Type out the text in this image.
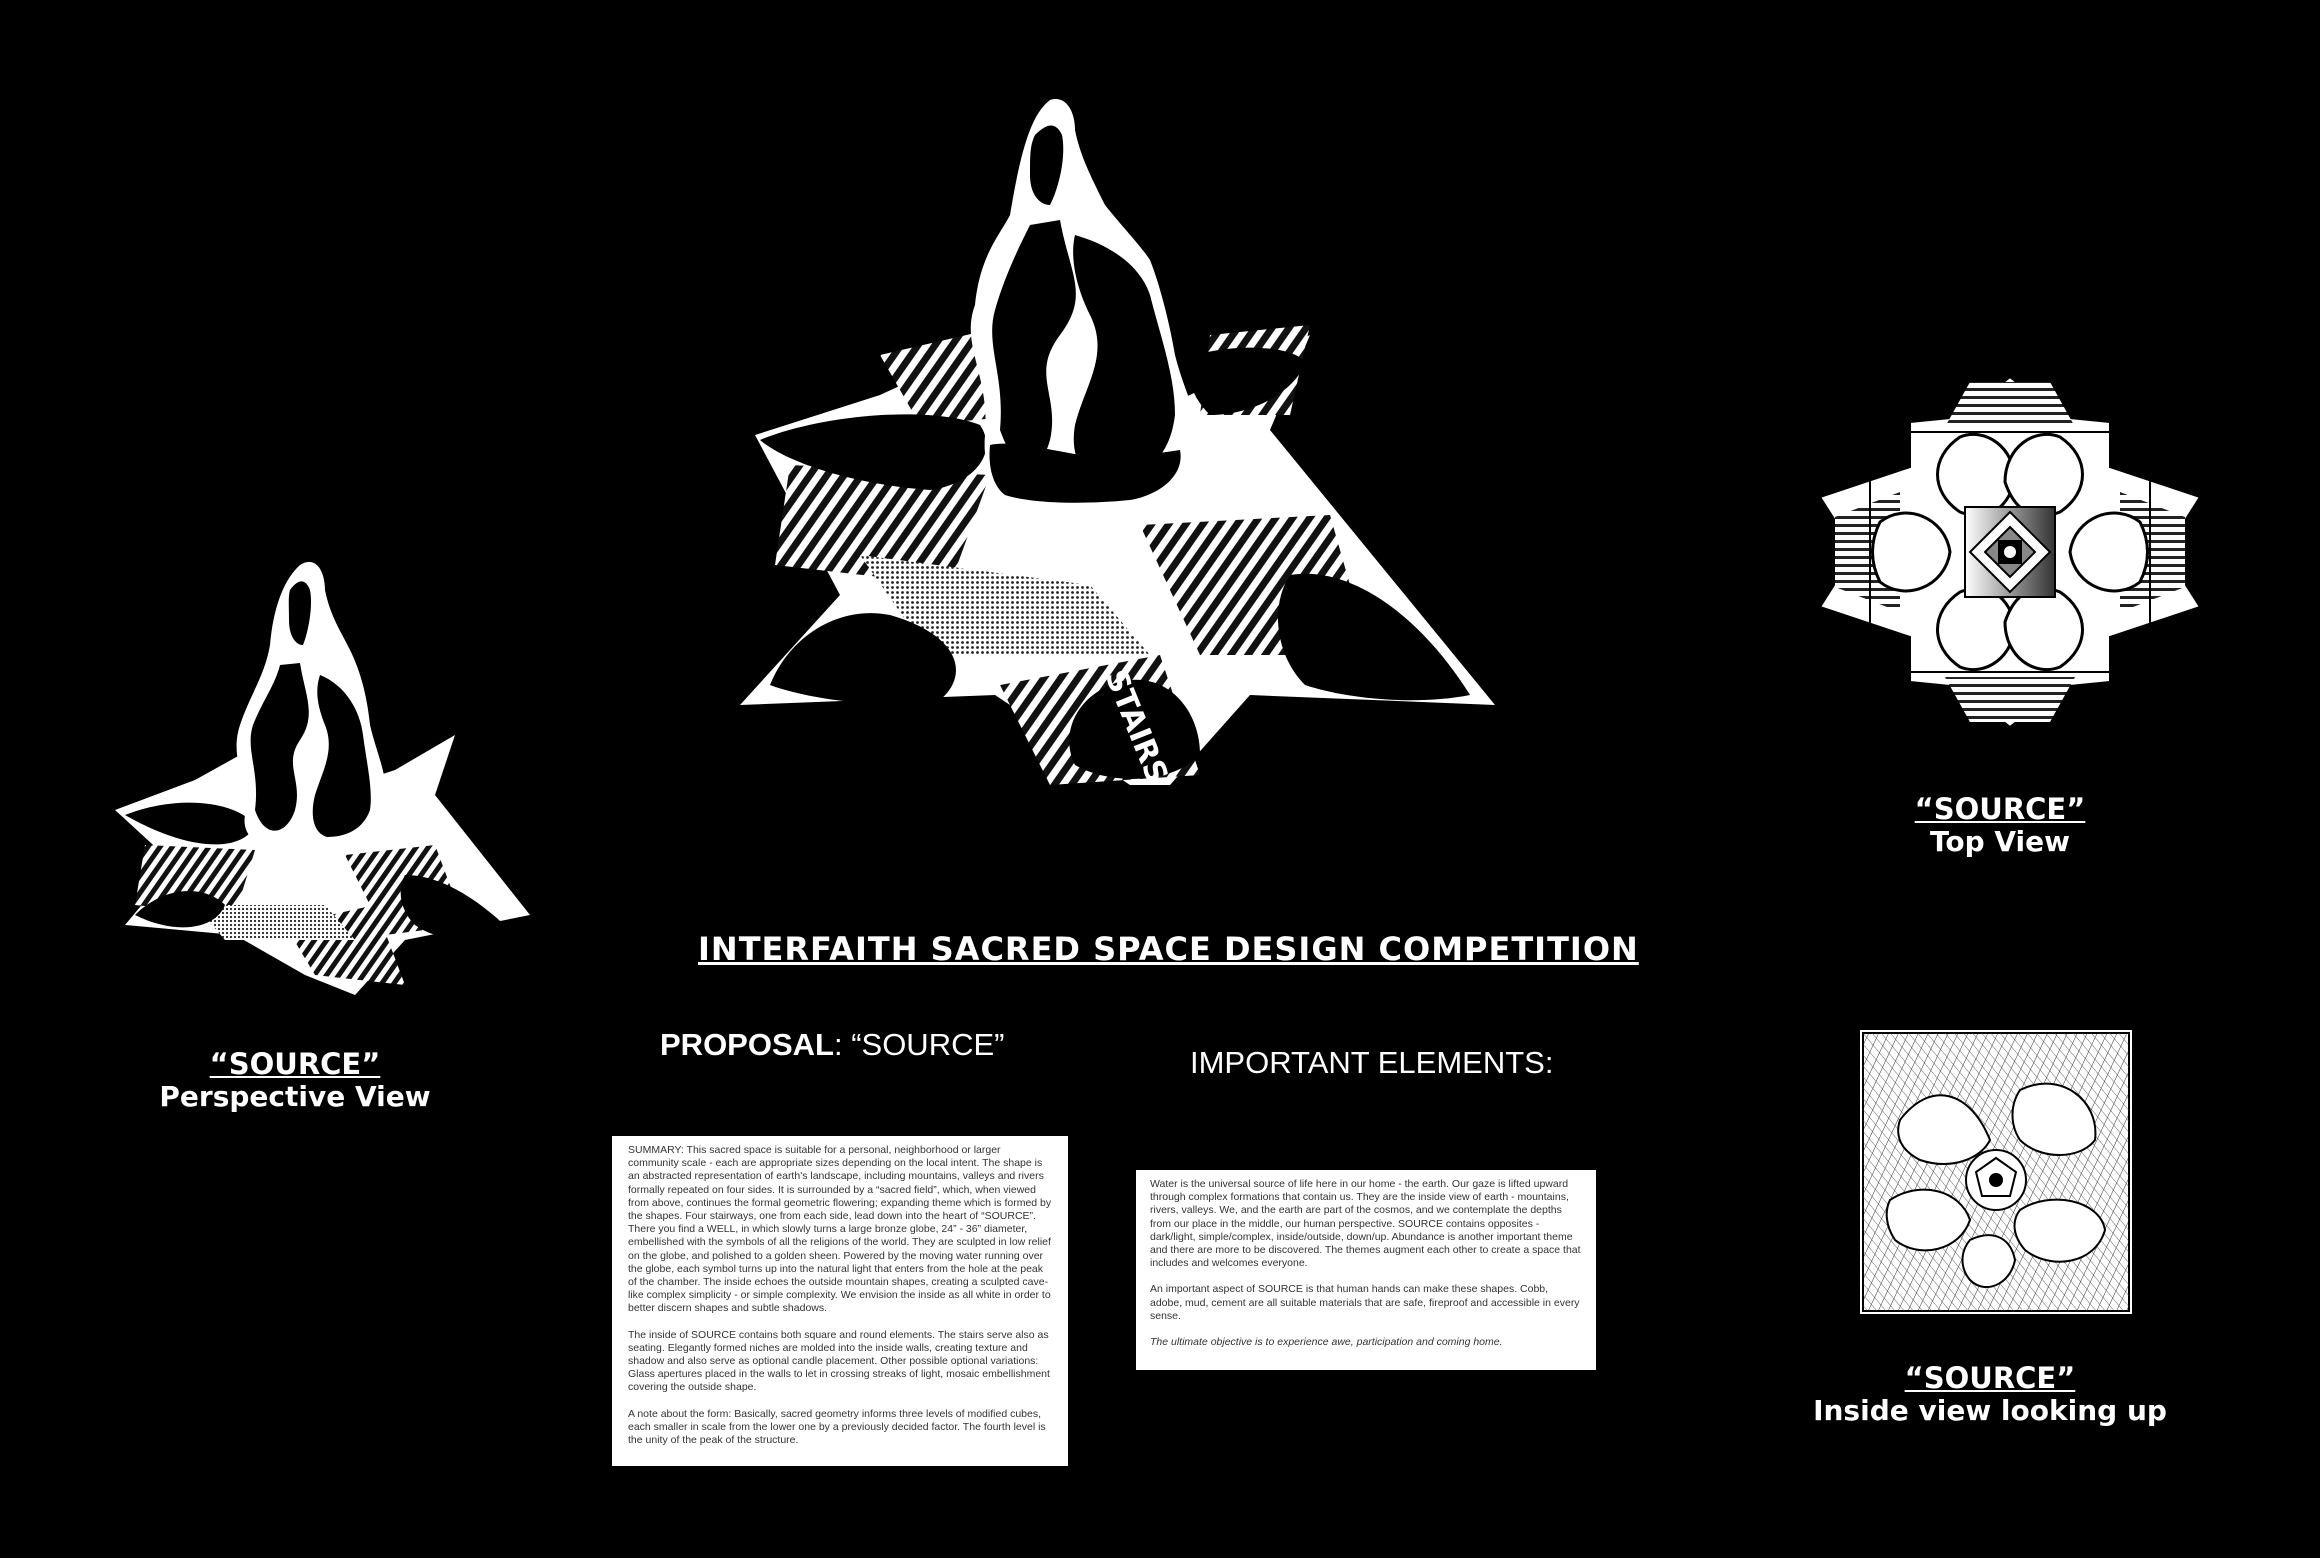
STAIRS
“SOURCE”
Perspective View
“SOURCE”
Top View
“SOURCE”
Inside view looking up
INTERFAITH SACRED SPACE DESIGN COMPETITION
PROPOSAL: “SOURCE”
IMPORTANT ELEMENTS:

SUMMARY: This sacred space is suitable for a personal, neighborhood or larger community scale - each are appropriate sizes depending on the local intent. The shape is an abstracted representation of earth's landscape, including mountains, valleys and rivers formally repeated on four sides. It is surrounded by a “sacred field”, which, when viewed from above, continues the formal geometric flowering; expanding theme which is formed by the shapes. Four stairways, one from each side, lead down into the heart of “SOURCE”. There you find a WELL, in which slowly turns a large bronze globe, 24” - 36” diameter, embellished with the symbols of all the religions of the world. They are sculpted in low relief on the globe, and polished to a golden sheen. Powered by the moving water running over the globe, each symbol turns up into the natural light that enters from the hole at the peak of the chamber. The inside echoes the outside mountain shapes, creating a sculpted cave-like complex simplicity - or simple complexity. We envision the inside as all white in order to better discern shapes and subtle shadows.

The inside of SOURCE contains both square and round elements. The stairs serve also as seating. Elegantly formed niches are molded into the inside walls, creating texture and shadow and also serve as optional candle placement. Other possible optional variations: Glass apertures placed in the walls to let in crossing streaks of light, mosaic embellishment covering the outside shape.

A note about the form: Basically, sacred geometry informs three levels of modified cubes, each smaller in scale from the lower one by a previously decided factor. The fourth level is the unity of the peak of the structure.

Water is the universal source of life here in our home - the earth. Our gaze is lifted upward through complex formations that contain us. They are the inside view of earth - mountains, rivers, valleys. We, and the earth are part of the cosmos, and we contemplate the depths from our place in the middle, our human perspective. SOURCE contains opposites - dark/light, simple/complex, inside/outside, down/up. Abundance is another important theme and there are more to be discovered. The themes augment each other to create a space that includes and welcomes everyone.

An important aspect of SOURCE is that human hands can make these shapes. Cobb, adobe, mud, cement are all suitable materials that are safe, fireproof and accessible in every sense.

The ultimate objective is to experience awe, participation and coming home.
